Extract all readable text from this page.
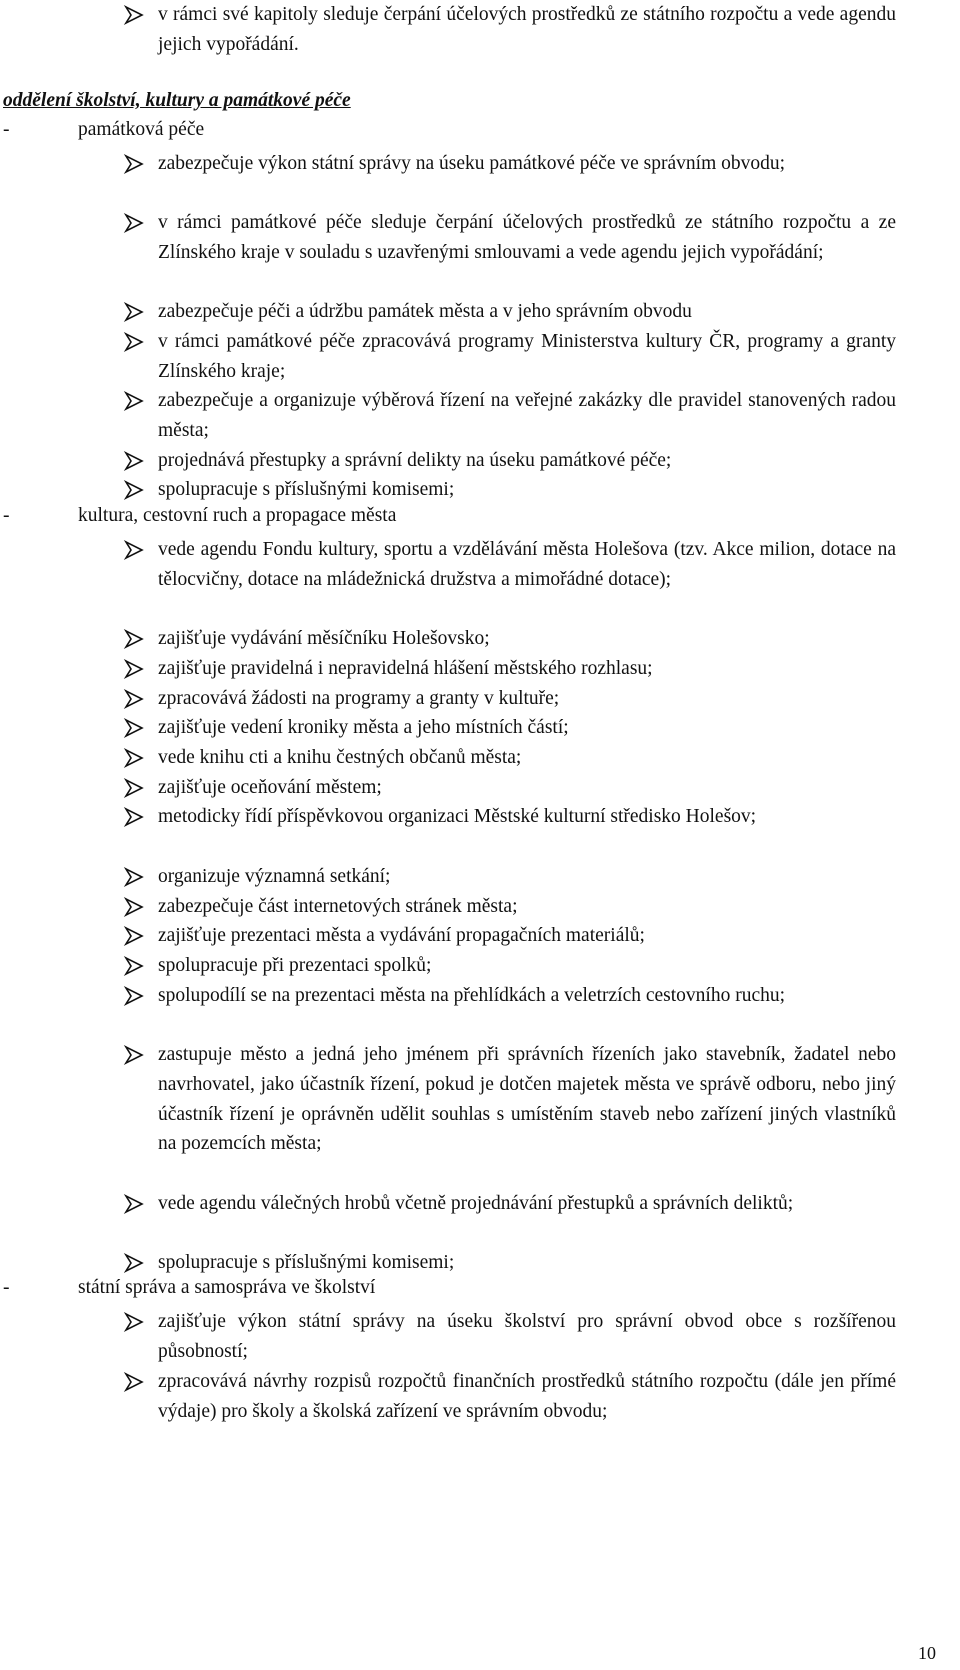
v rámci své kapitoly sleduje čerpání účelových prostředků ze státního rozpočtu a vede agendu jejich vypořádání.
oddělení školství, kultury a památkové péče
-	památková péče
zabezpečuje výkon státní správy na úseku památkové péče ve správním obvodu;
v rámci památkové péče sleduje čerpání účelových prostředků ze státního rozpočtu a ze Zlínského kraje v souladu s uzavřenými smlouvami a vede agendu jejich vypořádání;
zabezpečuje péči a údržbu památek města a v jeho správním obvodu
v rámci památkové péče zpracovává programy Ministerstva kultury ČR, programy a granty Zlínského kraje;
zabezpečuje a organizuje výběrová řízení na veřejné zakázky dle pravidel stanovených radou města;
projednává přestupky a správní delikty na úseku památkové péče;
spolupracuje s příslušnými komisemi;
-	kultura, cestovní ruch a propagace města
vede agendu Fondu kultury, sportu a vzdělávání města Holešova (tzv. Akce milion, dotace na tělocvičny, dotace na mládežnická družstva a mimořádné dotace);
zajišťuje vydávání měsíčníku Holešovsko;
zajišťuje pravidelná i nepravidelná hlášení městského rozhlasu;
zpracovává žádosti na programy a granty v kultuře;
zajišťuje vedení kroniky města a jeho místních částí;
vede knihu cti a knihu čestných občanů města;
zajišťuje oceňování městem;
metodicky řídí příspěvkovou organizaci Městské kulturní středisko Holešov;
organizuje významná setkání;
zabezpečuje část internetových stránek města;
zajišťuje prezentaci města a vydávání propagačních materiálů;
spolupracuje při prezentaci spolků;
spolupodílí se na prezentaci města na přehlídkách a veletrzích cestovního ruchu;
zastupuje město a jedná jeho jménem při správních řízeních jako stavebník, žadatel nebo navrhovatel, jako účastník řízení, pokud je dotčen majetek města ve správě odboru, nebo jiný účastník řízení je oprávněn udělit souhlas s umístěním staveb nebo zařízení jiných vlastníků na pozemcích města;
vede agendu válečných hrobů včetně projednávání přestupků a správních deliktů;
spolupracuje s příslušnými komisemi;
-	státní správa a samospráva ve školství
zajišťuje výkon státní správy na úseku školství pro správní obvod obce s rozšířenou působností;
zpracovává návrhy rozpisů rozpočtů finančních prostředků státního rozpočtu (dále jen přímé výdaje) pro školy a školská zařízení ve správním obvodu;
10
